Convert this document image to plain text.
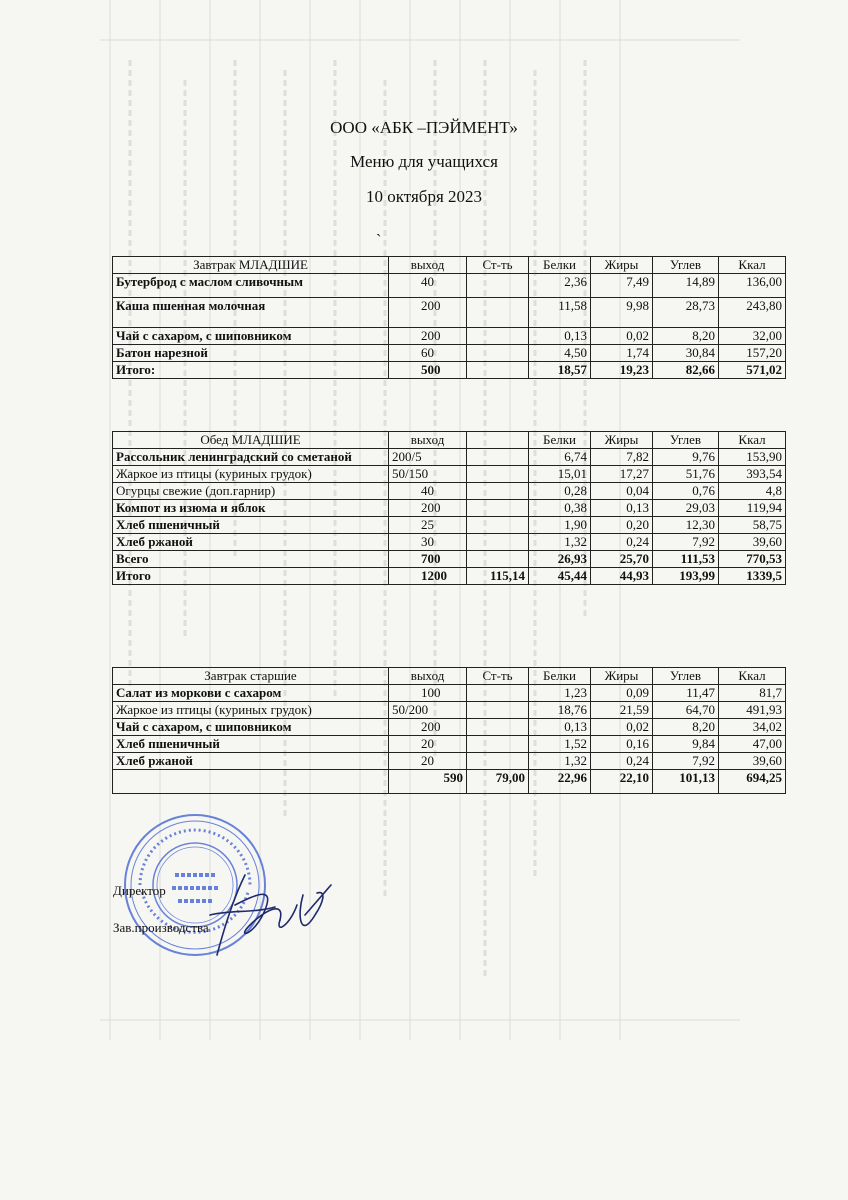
ООО «АБК –ПЭЙМЕНТ»
Меню для учащихся
10 октября 2023
`
Завтрак МЛАДШИЕ	выход	Ст-ть	Белки	Жиры	Углев	Ккал
Бутерброд с маслом сливочным	40		2,36	7,49	14,89	136,00
Каша пшенная молочная	200		11,58	9,98	28,73	243,80
Чай с сахаром, с шиповником	200		0,13	0,02	8,20	32,00
Батон нарезной	60		4,50	1,74	30,84	157,20
Итого:	500		18,57	19,23	82,66	571,02
Обед МЛАДШИЕ	выход		Белки	Жиры	Углев	Ккал
Рассольник ленинградский со сметаной	200/5		6,74	7,82	9,76	153,90
Жаркое из птицы (куриных грудок)	50/150		15,01	17,27	51,76	393,54
Огурцы свежие (доп.гарнир)	40		0,28	0,04	0,76	4,8
Компот из изюма и яблок	200		0,38	0,13	29,03	119,94
Хлеб пшеничный	25		1,90	0,20	12,30	58,75
Хлеб ржаной	30		1,32	0,24	7,92	39,60
Всего	700		26,93	25,70	111,53	770,53
Итого	1200	115,14	45,44	44,93	193,99	1339,5
Завтрак старшие	выход	Ст-ть	Белки	Жиры	Углев	Ккал
Салат из моркови с сахаром	100		1,23	0,09	11,47	81,7
Жаркое из птицы (куриных грудок)	50/200		18,76	21,59	64,70	491,93
Чай с сахаром, с шиповником	200		0,13	0,02	8,20	34,02
Хлеб пшеничный	20		1,52	0,16	9,84	47,00
Хлеб ржаной	20		1,32	0,24	7,92	39,60
	590	79,00	22,96	22,10	101,13	694,25
Директор
Зав.производства
